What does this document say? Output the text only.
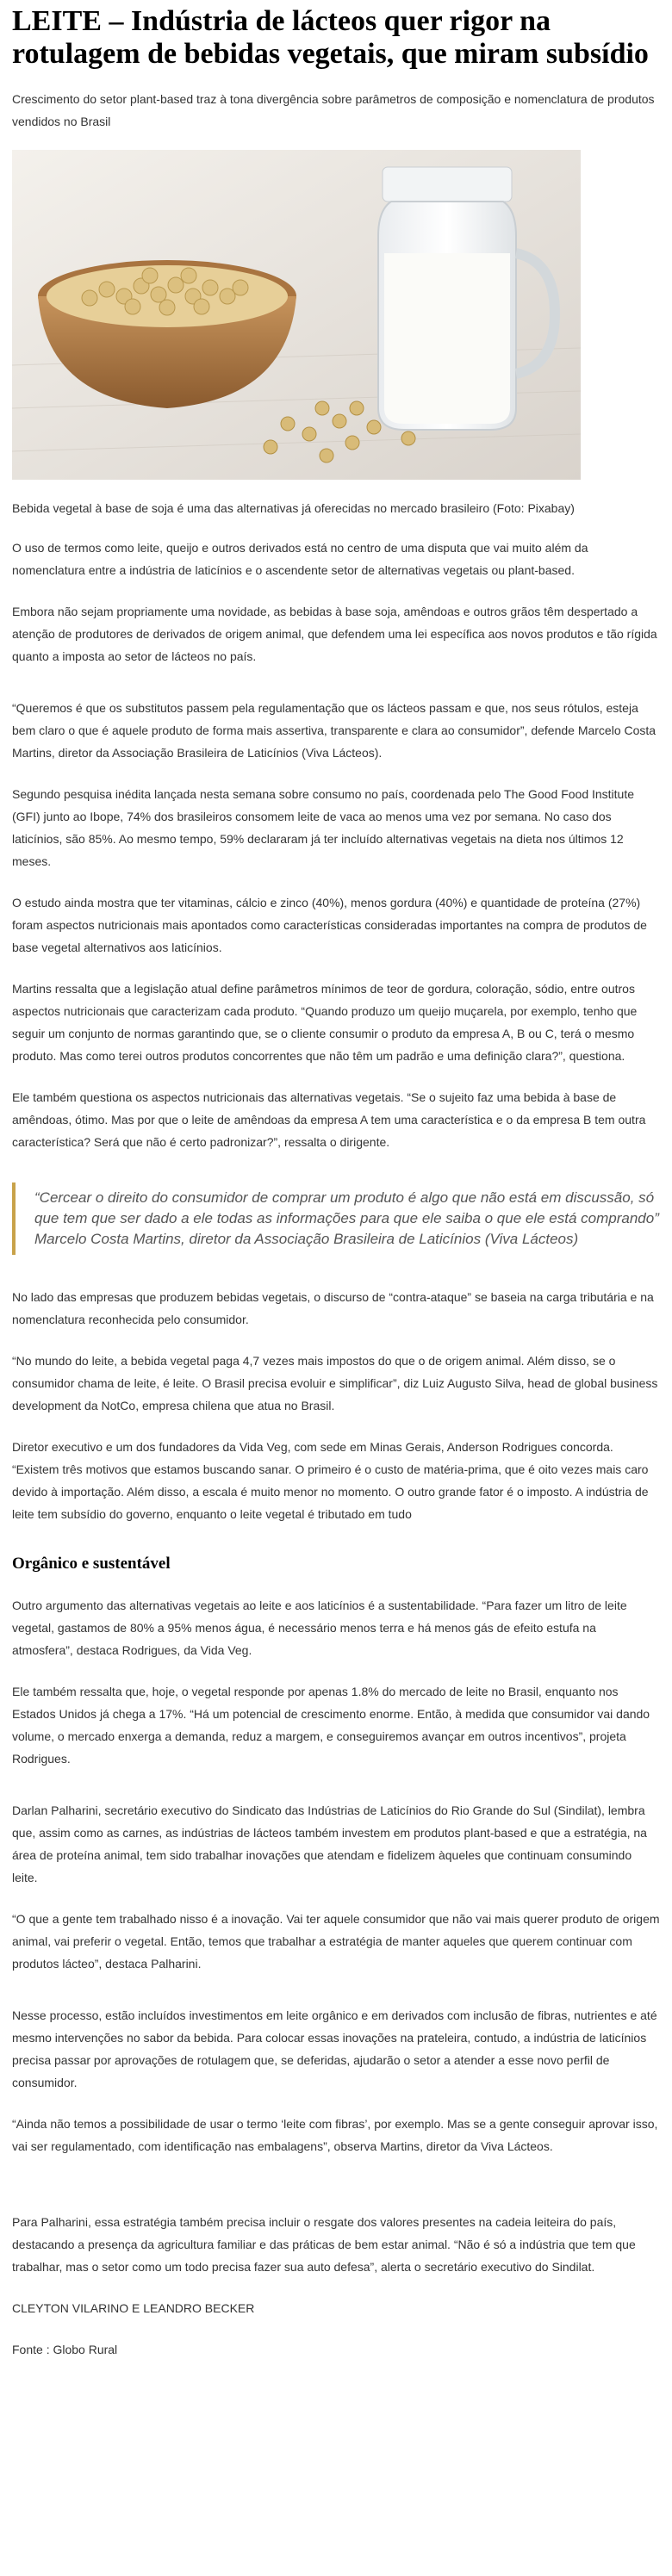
LEITE – Indústria de lácteos quer rigor na rotulagem de bebidas vegetais, que miram subsídio

Crescimento do setor plant-based traz à tona divergência sobre parâmetros de composição e nomenclatura de produtos vendidos no Brasil

Bebida vegetal à base de soja é uma das alternativas já oferecidas no mercado brasileiro (Foto: Pixabay)

O uso de termos como leite, queijo e outros derivados está no centro de uma disputa que vai muito além da nomenclatura entre a indústria de laticínios e o ascendente setor de alternativas vegetais ou plant-based.

Embora não sejam propriamente uma novidade, as bebidas à base soja, amêndoas e outros grãos têm despertado a atenção de produtores de derivados de origem animal, que defendem uma lei específica aos novos produtos e tão rígida quanto a imposta ao setor de lácteos no país.

“Queremos é que os substitutos passem pela regulamentação que os lácteos passam e que, nos seus rótulos, esteja bem claro o que é aquele produto de forma mais assertiva, transparente e clara ao consumidor”, defende Marcelo Costa Martins, diretor da Associação Brasileira de Laticínios (Viva Lácteos).

Segundo pesquisa inédita lançada nesta semana sobre consumo no país, coordenada pelo The Good Food Institute (GFI) junto ao Ibope, 74% dos brasileiros consomem leite de vaca ao menos uma vez por semana. No caso dos laticínios, são 85%. Ao mesmo tempo, 59% declararam já ter incluído alternativas vegetais na dieta nos últimos 12 meses.

O estudo ainda mostra que ter vitaminas, cálcio e zinco (40%), menos gordura (40%) e quantidade de proteína (27%) foram aspectos nutricionais mais apontados como características consideradas importantes na compra de produtos de base vegetal alternativos aos laticínios.

Martins ressalta que a legislação atual define parâmetros mínimos de teor de gordura, coloração, sódio, entre outros aspectos nutricionais que caracterizam cada produto. “Quando produzo um queijo muçarela, por exemplo, tenho que seguir um conjunto de normas garantindo que, se o cliente consumir o produto da empresa A, B ou C, terá o mesmo produto. Mas como terei outros produtos concorrentes que não têm um padrão e uma definição clara?”, questiona.

Ele também questiona os aspectos nutricionais das alternativas vegetais. “Se o sujeito faz uma bebida à base de amêndoas, ótimo. Mas por que o leite de amêndoas da empresa A tem uma característica e o da empresa B tem outra característica? Será que não é certo padronizar?”, ressalta o dirigente.

“Cercear o direito do consumidor de comprar um produto é algo que não está em discussão, só que tem que ser dado a ele todas as informações para que ele saiba o que ele está comprando”

Marcelo Costa Martins, diretor da Associação Brasileira de Laticínios (Viva Lácteos)

No lado das empresas que produzem bebidas vegetais, o discurso de “contra-ataque” se baseia na carga tributária e na nomenclatura reconhecida pelo consumidor.

“No mundo do leite, a bebida vegetal paga 4,7 vezes mais impostos do que o de origem animal. Além disso, se o consumidor chama de leite, é leite. O Brasil precisa evoluir e simplificar”, diz Luiz Augusto Silva, head de global business development da NotCo, empresa chilena que atua no Brasil.

Diretor executivo e um dos fundadores da Vida Veg, com sede em Minas Gerais, Anderson Rodrigues concorda. “Existem três motivos que estamos buscando sanar. O primeiro é o custo de matéria-prima, que é oito vezes mais caro devido à importação. Além disso, a escala é muito menor no momento. O outro grande fator é o imposto. A indústria de leite tem subsídio do governo, enquanto o leite vegetal é tributado em tudo

Orgânico e sustentável

Outro argumento das alternativas vegetais ao leite e aos laticínios é a sustentabilidade. “Para fazer um litro de leite vegetal, gastamos de 80% a 95% menos água, é necessário menos terra e há menos gás de efeito estufa na atmosfera”, destaca Rodrigues, da Vida Veg.

Ele também ressalta que, hoje, o vegetal responde por apenas 1.8% do mercado de leite no Brasil, enquanto nos Estados Unidos já chega a 17%. “Há um potencial de crescimento enorme. Então, à medida que consumidor vai dando volume, o mercado enxerga a demanda, reduz a margem, e conseguiremos avançar em outros incentivos”, projeta Rodrigues.

Darlan Palharini, secretário executivo do Sindicato das Indústrias de Laticínios do Rio Grande do Sul (Sindilat), lembra que, assim como as carnes, as indústrias de lácteos também investem em produtos plant-based e que a estratégia, na área de proteína animal, tem sido trabalhar inovações que atendam e fidelizem àqueles que continuam consumindo leite.

“O que a gente tem trabalhado nisso é a inovação. Vai ter aquele consumidor que não vai mais querer produto de origem animal, vai preferir o vegetal. Então, temos que trabalhar a estratégia de manter aqueles que querem continuar com produtos lácteo”, destaca Palharini.

Nesse processo, estão incluídos investimentos em leite orgânico e em derivados com inclusão de fibras, nutrientes e até mesmo intervenções no sabor da bebida. Para colocar essas inovações na prateleira, contudo, a indústria de laticínios precisa passar por aprovações de rotulagem que, se deferidas, ajudarão o setor a atender a esse novo perfil de consumidor.

“Ainda não temos a possibilidade de usar o termo ‘leite com fibras’, por exemplo. Mas se a gente conseguir aprovar isso, vai ser regulamentado, com identificação nas embalagens”, observa Martins, diretor da Viva Lácteos.

Para Palharini, essa estratégia também precisa incluir o resgate dos valores presentes na cadeia leiteira do país, destacando a presença da agricultura familiar e das práticas de bem estar animal. “Não é só a indústria que tem que trabalhar, mas o setor como um todo precisa fazer sua auto defesa”, alerta o secretário executivo do Sindilat.

CLEYTON VILARINO E LEANDRO BECKER

Fonte : Globo Rural
